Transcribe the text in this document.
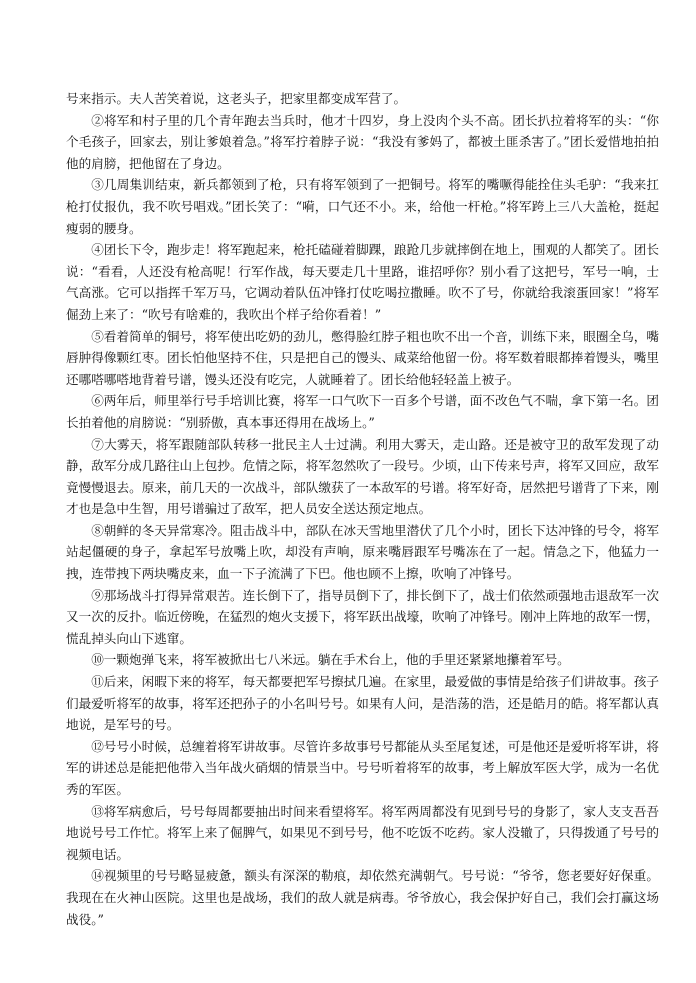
号来指示。夫人苦笑着说，这老头子，把家里都变成军营了。

②将军和村子里的几个青年跑去当兵时，他才十四岁，身上没肉个头不高。团长扒拉着将军的头：“你个毛孩子，回家去，别让爹娘着急。”将军拧着脖子说：“我没有爹妈了，都被土匪杀害了。”团长爱惜地拍拍他的肩膀，把他留在了身边。

③几周集训结束，新兵都领到了枪，只有将军领到了一把铜号。将军的嘴噘得能拴住头毛驴：“我来扛枪打仗报仇，我不吹号唱戏。”团长笑了：“嗬，口气还不小。来，给他一杆枪。”将军跨上三八大盖枪，挺起瘦弱的腰身。

④团长下令，跑步走！将军跑起来，枪托磕碰着脚踝，踉跄几步就摔倒在地上，围观的人都笑了。团长说：“看看，人还没有枪高呢！行军作战，每天要走几十里路，谁招呼你？别小看了这把号，军号一响，士气高涨。它可以指挥千军万马，它调动着队伍冲锋打仗吃喝拉撒睡。吹不了号，你就给我滚蛋回家！”将军倔劲上来了：“吹号有啥难的，我吹出个样子给你看着！”

⑤看着简单的铜号，将军使出吃奶的劲儿，憋得脸红脖子粗也吹不出一个音，训练下来，眼圈全乌，嘴唇肿得像颗红枣。团长怕他坚持不住，只是把自己的馒头、咸菜给他留一份。将军数着眼都捧着馒头，嘴里还哪嗒哪嗒地背着号谱，馒头还没有吃完，人就睡着了。团长给他轻轻盖上被子。

⑥两年后，师里举行号手培训比赛，将军一口气吹下一百多个号谱，面不改色气不喘，拿下第一名。团长拍着他的肩膀说：“别骄傲，真本事还得用在战场上。”

⑦大雾天，将军跟随部队转移一批民主人士过满。利用大雾天，走山路。还是被守卫的敌军发现了动静，敌军分成几路往山上包抄。危情之际，将军忽然吹了一段号。少顷，山下传来号声，将军又回应，敌军竟慢慢退去。原来，前几天的一次战斗，部队缴获了一本敌军的号谱。将军好奇，居然把号谱背了下来，刚才也是急中生智，用号谱骗过了敌军，把人员安全送达预定地点。

⑧朝鲜的冬天异常寒冷。阻击战斗中，部队在冰天雪地里潜伏了几个小时，团长下达冲锋的号令，将军站起僵硬的身子，拿起军号放嘴上吹，却没有声响，原来嘴唇跟军号嘴冻在了一起。情急之下，他猛力一拽，连带拽下两块嘴皮来，血一下子流满了下巴。他也顾不上擦，吹响了冲锋号。

⑨那场战斗打得异常艰苦。连长倒下了，指导员倒下了，排长倒下了，战士们依然顽强地击退敌军一次又一次的反扑。临近傍晚，在猛烈的炮火支援下，将军跃出战壕，吹响了冲锋号。刚冲上阵地的敌军一愣，慌乱掉头向山下逃窜。

⑩一颗炮弹飞来，将军被掀出七八米远。躺在手术台上，他的手里还紧紧地攥着军号。

⑪后来，闲暇下来的将军，每天都要把军号擦拭几遍。在家里，最爱做的事情是给孩子们讲故事。孩子们最爱听将军的故事，将军还把孙子的小名叫号号。如果有人问，是浩荡的浩，还是皓月的皓。将军都认真地说，是军号的号。

⑫号号小时候，总缠着将军讲故事。尽管许多故事号号都能从头至尾复述，可是他还是爱听将军讲，将军的讲述总是能把他带入当年战火硝烟的情景当中。号号听着将军的故事，考上解放军医大学，成为一名优秀的军医。

⑬将军病愈后，号号每周都要抽出时间来看望将军。将军两周都没有见到号号的身影了，家人支支吾吾地说号号工作忙。将军上来了倔脾气，如果见不到号号，他不吃饭不吃药。家人没辙了，只得拨通了号号的视频电话。

⑭视频里的号号略显疲惫，额头有深深的勒痕，却依然充满朝气。号号说：“爷爷，您老要好好保重。我现在在火神山医院。这里也是战场，我们的敌人就是病毒。爷爷放心，我会保护好自己，我们会打赢这场战役。”
